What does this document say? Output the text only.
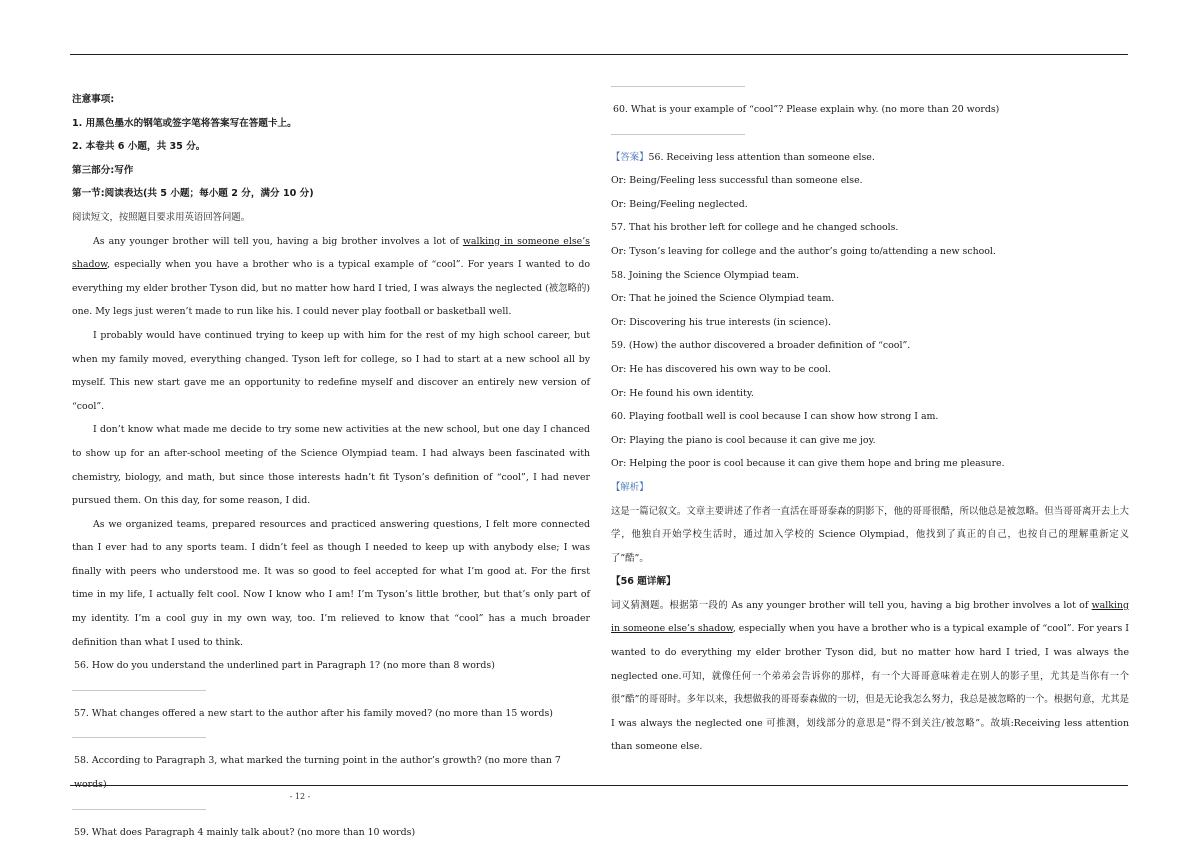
注意事项:

1. 用黑色墨水的钢笔或签字笔将答案写在答题卡上。

2. 本卷共 6 小题，共 35 分。

第三部分:写作

第一节:阅读表达(共 5 小题；每小题 2 分，满分 10 分)

阅读短文，按照题目要求用英语回答问题。

As any younger brother will tell you, having a big brother involves a lot of walking in someone else’s shadow, especially when you have a brother who is a typical example of “cool”. For years I wanted to do everything my elder brother Tyson did, but no matter how hard I tried, I was always the neglected (被忽略的) one. My legs just weren’t made to run like his. I could never play football or basketball well.

I probably would have continued trying to keep up with him for the rest of my high school career, but when my family moved, everything changed. Tyson left for college, so I had to start at a new school all by myself. This new start gave me an opportunity to redefine myself and discover an entirely new version of “cool”.

I don’t know what made me decide to try some new activities at the new school, but one day I chanced to show up for an after-school meeting of the Science Olympiad team. I had always been fascinated with chemistry, biology, and math, but since those interests hadn’t fit Tyson’s definition of “cool”, I had never pursued them. On this day, for some reason, I did.

As we organized teams, prepared resources and practiced answering questions, I felt more connected than I ever had to any sports team. I didn’t feel as though I needed to keep up with anybody else; I was finally with peers who understood me. It was so good to feel accepted for what I’m good at. For the first time in my life, I actually felt cool. Now I know who I am! I’m Tyson’s little brother, but that’s only part of my identity. I’m a cool guy in my own way, too. I’m relieved to know that “cool” has a much broader definition than what I used to think.

56. How do you understand the underlined part in Paragraph 1? (no more than 8 words)

57. What changes offered a new start to the author after his family moved? (no more than 15 words)

58. According to Paragraph 3, what marked the turning point in the author’s growth? (no more than 7 words)

59. What does Paragraph 4 mainly talk about? (no more than 10 words)

60. What is your example of “cool”? Please explain why. (no more than 20 words)

【答案】56. Receiving less attention than someone else.

Or: Being/Feeling less successful than someone else.

Or: Being/Feeling neglected.

57. That his brother left for college and he changed schools.

Or: Tyson’s leaving for college and the author’s going to/attending a new school.

58. Joining the Science Olympiad team.

Or: That he joined the Science Olympiad team.

Or: Discovering his true interests (in science).

59. (How) the author discovered a broader definition of “cool”.

Or: He has discovered his own way to be cool.

Or: He found his own identity.

60. Playing football well is cool because I can show how strong I am.

Or: Playing the piano is cool because it can give me joy.

Or: Helping the poor is cool because it can give them hope and bring me pleasure.

【解析】

这是一篇记叙文。文章主要讲述了作者一直活在哥哥泰森的阴影下，他的哥哥很酷，所以他总是被忽略。但当哥哥离开去上大学，他独自开始学校生活时，通过加入学校的 Science Olympiad，他找到了真正的自己，也按自己的理解重新定义了”酷”。

【56 题详解】

词义猜测题。根据第一段的 As any younger brother will tell you, having a big brother involves a lot of walking in someone else’s shadow, especially when you have a brother who is a typical example of “cool”. For years I wanted to do everything my elder brother Tyson did, but no matter how hard I tried, I was always the neglected one.可知，就像任何一个弟弟会告诉你的那样，有一个大哥哥意味着走在别人的影子里，尤其是当你有一个很”酷”的哥哥时。多年以来，我想做我的哥哥泰森做的一切，但是无论我怎么努力，我总是被忽略的一个。根据句意，尤其是 I was always the neglected one 可推测，划线部分的意思是”得不到关注/被忽略”。故填:Receiving less attention than someone else.

- 12 -
